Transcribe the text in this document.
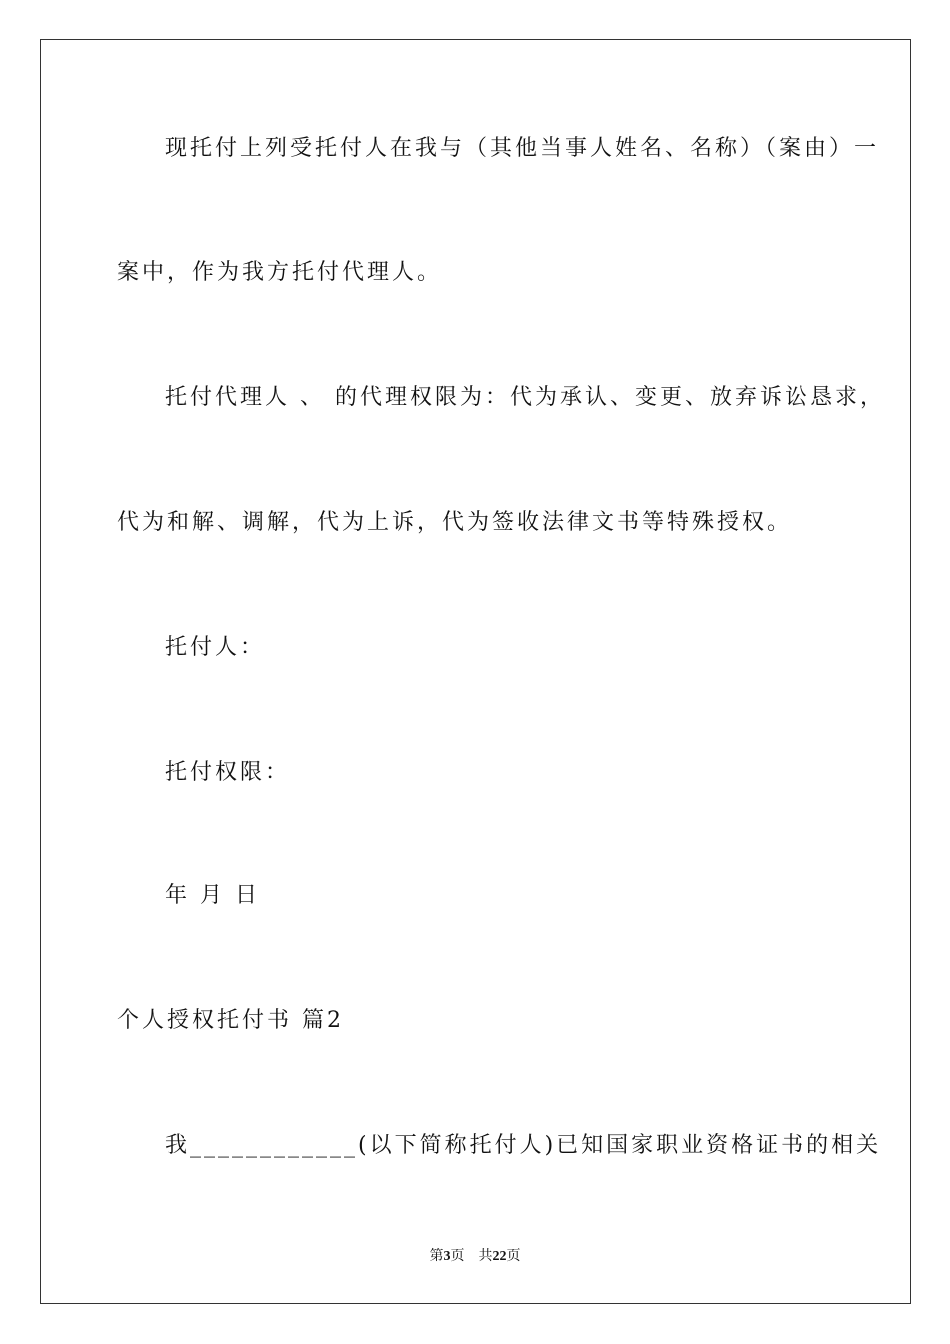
现托付上列受托付人在我与（其他当事人姓名、名称）（案由）一
案中，作为我方托付代理人。
托付代理人 、 的代理权限为：代为承认、变更、放弃诉讼恳求，
代为和解、调解，代为上诉，代为签收法律文书等特殊授权。
托付人：
托付权限：
年 月 日
个人授权托付书 篇2
我____________(以下简称托付人)已知国家职业资格证书的相关
第3页　共22页
